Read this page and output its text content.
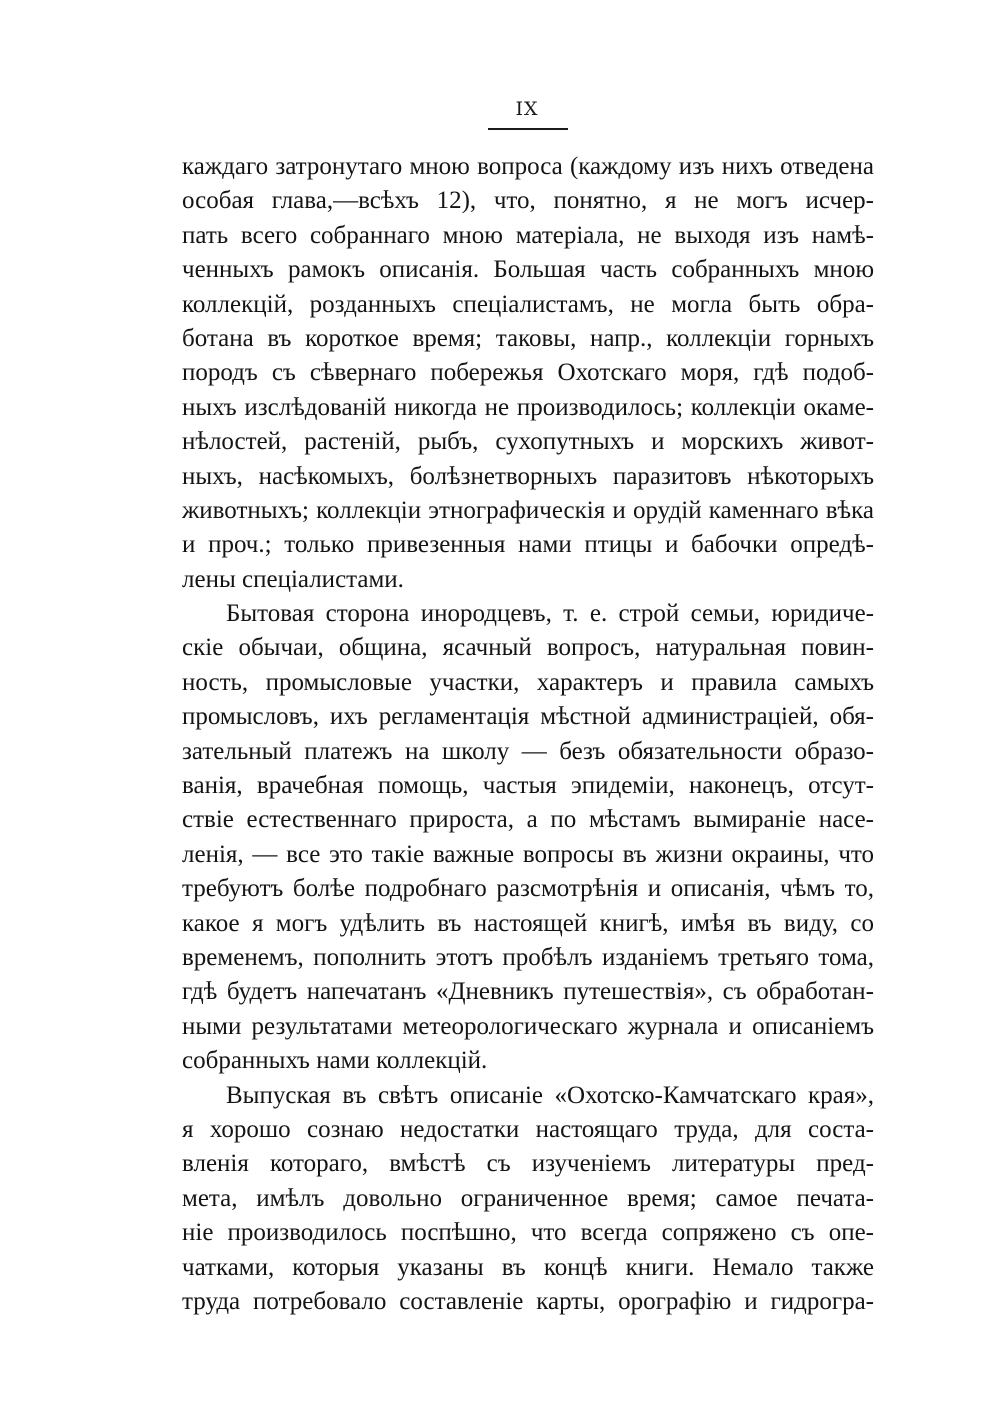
IX
каждаго затронутаго мною вопроса (каждому изъ нихъ отведена
особая глава,—всѣхъ 12), что, понятно, я не могъ исчер-
пать всего собраннаго мною матеріала, не выходя изъ намѣ-
ченныхъ рамокъ описанія. Большая часть собранныхъ мною
коллекцій, розданныхъ спеціалистамъ, не могла быть обра-
ботана въ короткое время; таковы, напр., коллекціи горныхъ
породъ съ сѣвернаго побережья Охотскаго моря, гдѣ подоб-
ныхъ изслѣдованій никогда не производилось; коллекціи окаме-
нѣлостей, растеній, рыбъ, сухопутныхъ и морскихъ живот-
ныхъ, насѣкомыхъ, болѣзнетворныхъ паразитовъ нѣкоторыхъ
животныхъ; коллекціи этнографическія и орудій каменнаго вѣка
и проч.; только привезенныя нами птицы и бабочки опредѣ-
лены спеціалистами.
Бытовая сторона инородцевъ, т. е. строй семьи, юридиче-
скіе обычаи, община, ясачный вопросъ, натуральная повин-
ность, промысловые участки, характеръ и правила самыхъ
промысловъ, ихъ регламентація мѣстной администраціей, обя-
зательный платежъ на школу — безъ обязательности образо-
ванія, врачебная помощь, частыя эпидеміи, наконецъ, отсут-
ствіе естественнаго прироста, а по мѣстамъ вымираніе насе-
ленія, — все это такіе важные вопросы въ жизни окраины, что
требуютъ болѣе подробнаго разсмотрѣнія и описанія, чѣмъ то,
какое я могъ удѣлить въ настоящей книгѣ, имѣя въ виду, со
временемъ, пополнить этотъ пробѣлъ изданіемъ третьяго тома,
гдѣ будетъ напечатанъ «Дневникъ путешествія», съ обработан-
ными результатами метеорологическаго журнала и описаніемъ
собранныхъ нами коллекцій.
Выпуская въ свѣтъ описаніе «Охотско-Камчатскаго края»,
я хорошо сознаю недостатки настоящаго труда, для соста-
вленія котораго, вмѣстѣ съ изученіемъ литературы пред-
мета, имѣлъ довольно ограниченное время; самое печата-
ніе производилось поспѣшно, что всегда сопряжено съ опе-
чатками, которыя указаны въ концѣ книги. Немало также
труда потребовало составленіе карты, орографію и гидрогра-
